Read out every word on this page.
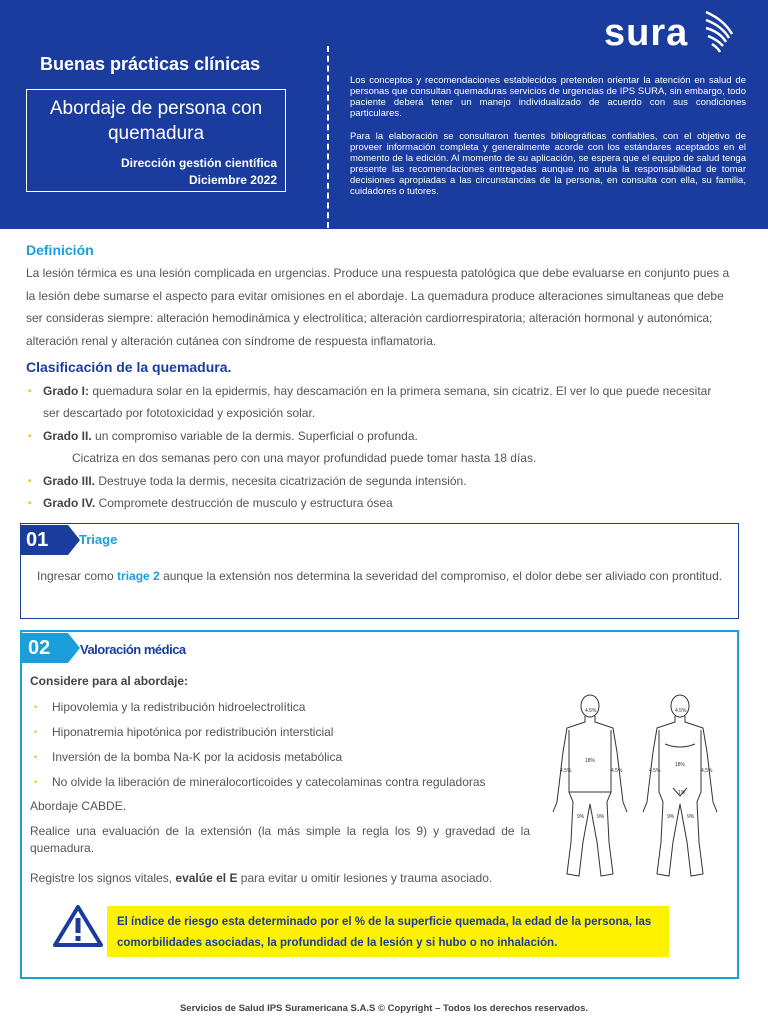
Buenas prácticas clínicas
Abordaje de persona con quemadura
Dirección gestión científica
Diciembre 2022

Los conceptos y recomendaciones establecidos pretenden orientar la atención en salud de personas que consultan quemaduras servicios de urgencias de IPS SURA, sin embargo, todo paciente deberá tener un manejo individualizado de acuerdo con sus condiciones particulares.

Para la elaboración se consultaron fuentes bibliográficas confiables, con el objetivo de proveer información completa y generalmente acorde con los estándares aceptados en el momento de la edición. Al momento de su aplicación, se espera que el equipo de salud tenga presente las recomendaciones entregadas aunque no anula la responsabilidad de tomar decisiones apropiadas a las circunstancias de la persona, en consulta con ella, su familia, cuidadores o tutores.

sura
Definición

La lesión térmica es una lesión complicada en urgencias. Produce una respuesta patológica que debe evaluarse en conjunto pues a la lesión debe sumarse el aspecto para evitar omisiones en el abordaje. La quemadura produce alteraciones simultaneas que debe ser consideras siempre: alteración hemodinámica y electrolítica; alteración cardiorrespiratoria; alteración hormonal y autonómica; alteración renal y alteración cutánea con síndrome de respuesta inflamatoria.

Clasificación de la quemadura.
• Grado I: quemadura solar en la epidermis, hay descamación en la primera semana, sin cicatriz. El ver lo que puede necesitar

ser descartado por fototoxicidad y exposición solar.

• Grado II. un compromiso variable de la dermis. Superficial o profunda.

Cicatriza en dos semanas pero con una mayor profundidad puede tomar hasta 18 días.

• Grado III. Destruye toda la dermis, necesita cicatrización de segunda intensión.

• Grado IV. Compromete destrucción de musculo y estructura ósea

01	Triage

Ingresar como triage 2 aunque la extensión nos determina la severidad del compromiso, el dolor debe ser aliviado con prontitud.

02	Valoración médica

Considere para al abordaje:

• Hipovolemia y la redistribución hidroelectrolítica

• Hiponatremia hipotónica por redistribución intersticial

• Inversión de la bomba Na-K por la acidosis metabólica

• No olvide la liberación de mineralocorticoides y catecolaminas contra reguladoras

Abordaje CABDE.

Realice una evaluación de la extensión (la más simple la regla los 9) y gravedad de la quemadura.

Registre los signos vitales, evalúe el E para evitar u omitir lesiones y trauma asociado.

4.5%	4.5%
18%
18%
4.5%	4.5%	4.5%	4.5%
9%	9%	9%	9%
1%

El índice de riesgo esta determinado por el % de la superficie quemada, la edad de la persona, las comorbilidades asociadas, la profundidad de la lesión y si hubo o no inhalación.

Servicios de Salud IPS Suramericana S.A.S © Copyright – Todos los derechos reservados.
